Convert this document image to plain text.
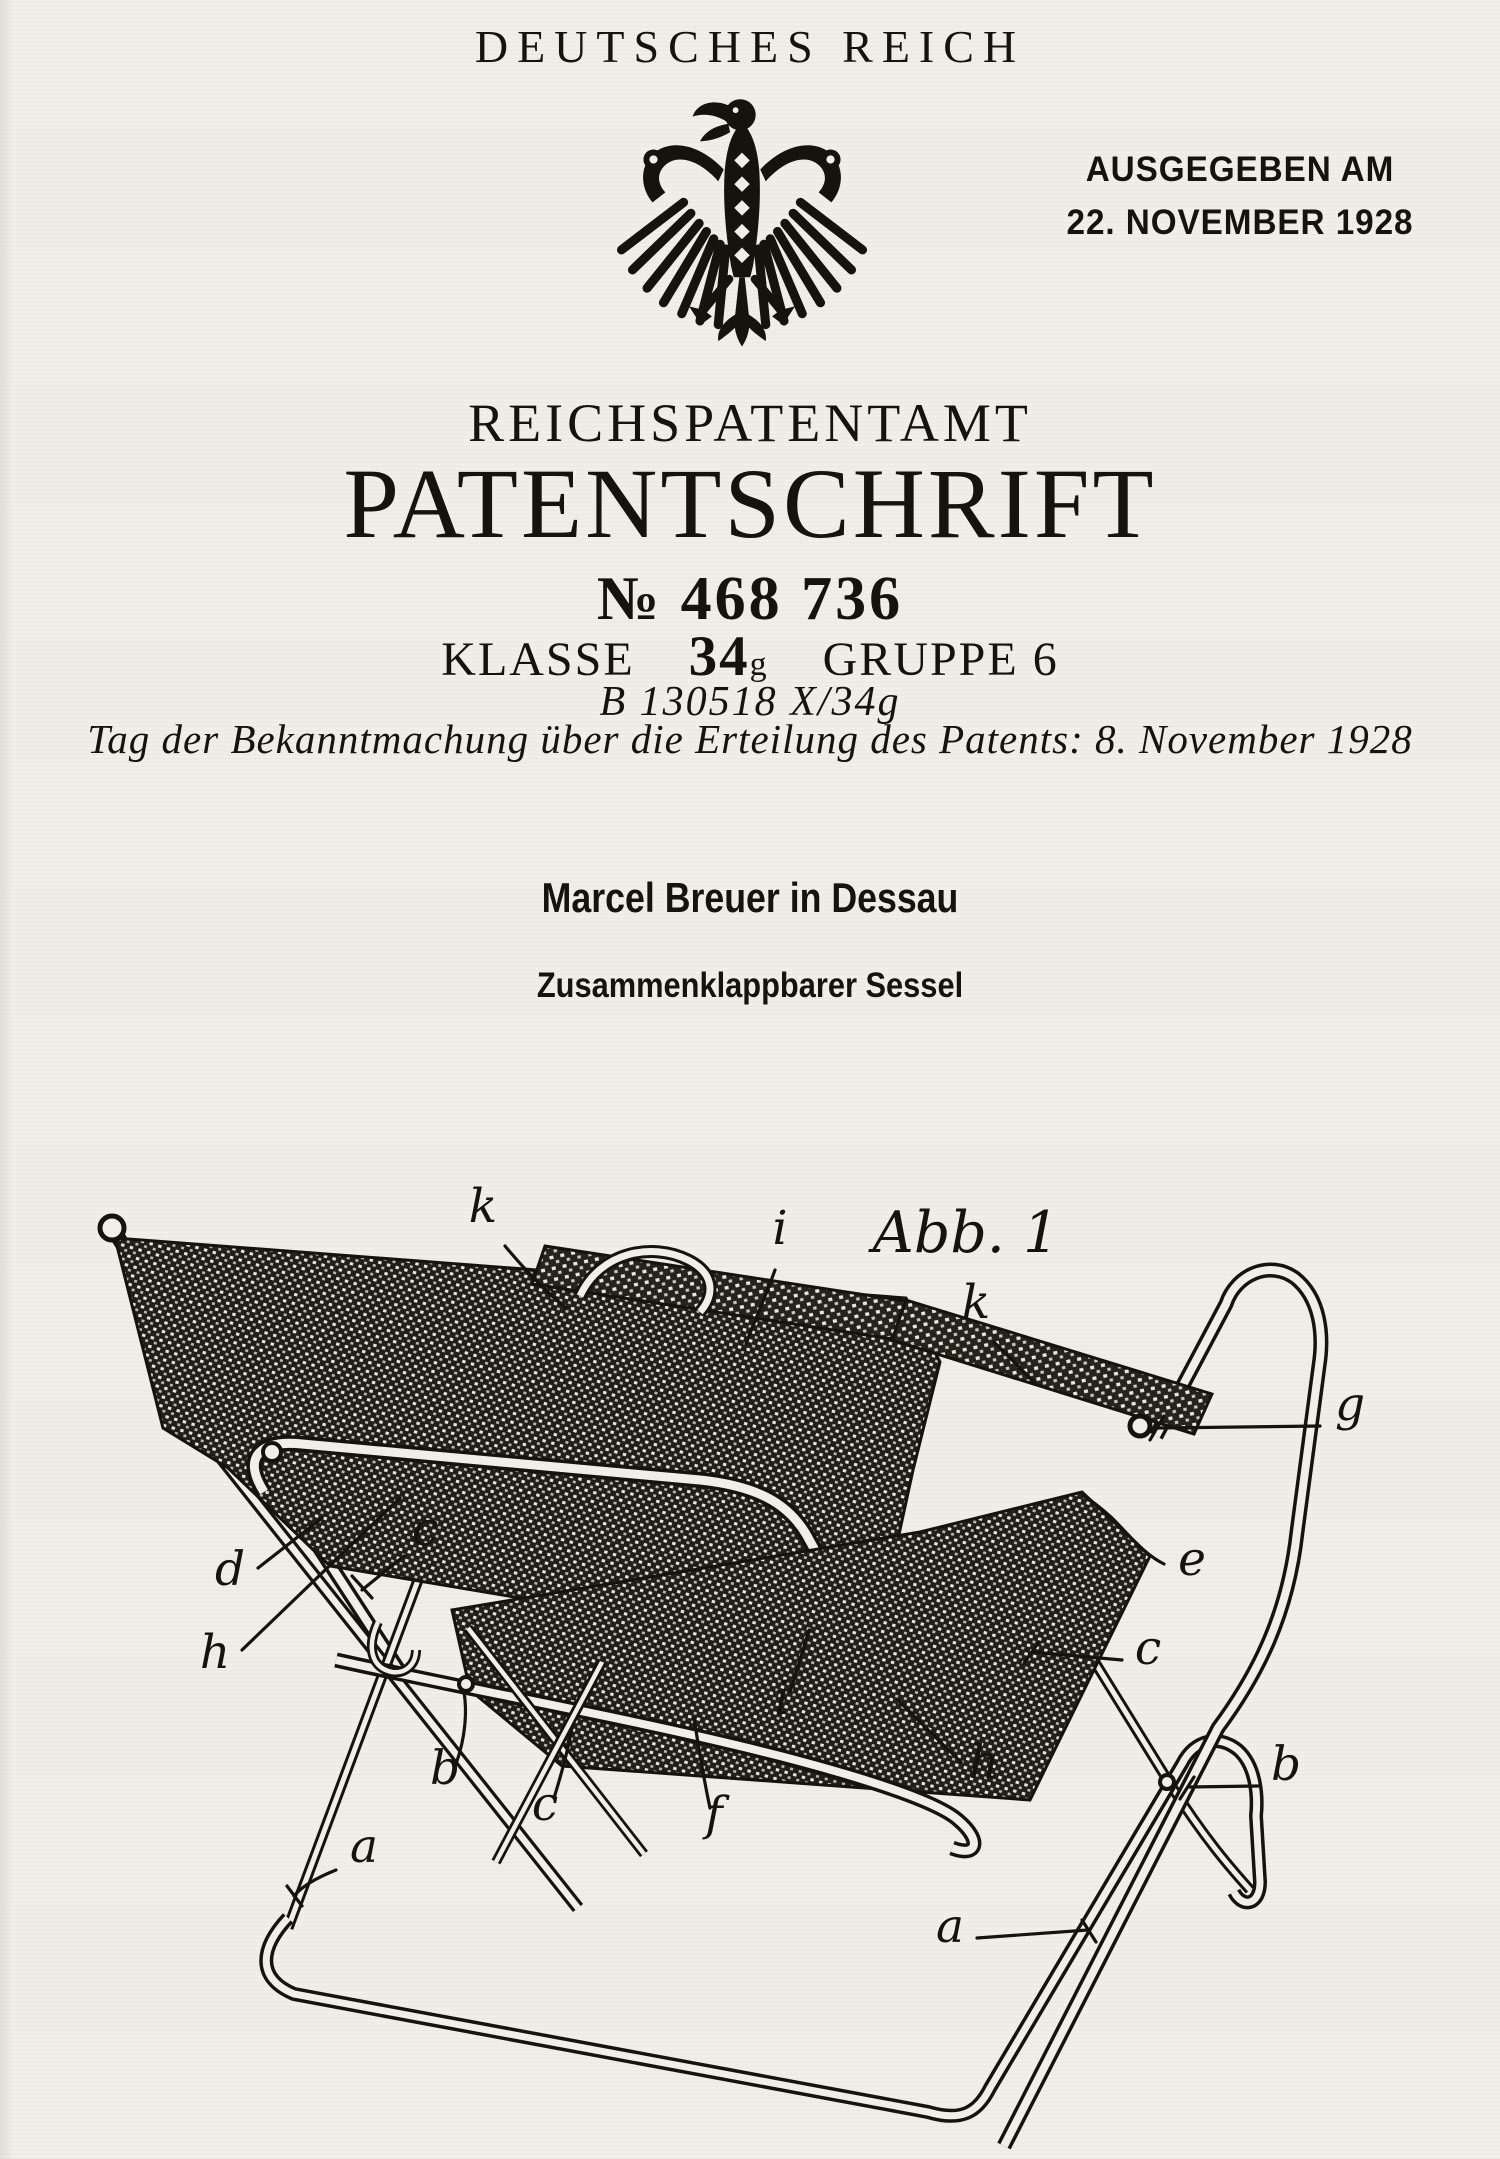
DEUTSCHES REICH
AUSGEGEBEN AM
22. NOVEMBER 1928
REICHSPATENTAMT
PATENTSCHRIFT
№ 468 736
KLASSE 34g GRUPPE 6
B 130518 X/34g
Tag der Bekanntmachung über die Erteilung des Patents: 8. November 1928
Marcel Breuer in Dessau
Zusammenklappbarer Sessel
Abb. 1
k	i
k
g
e
c
d
c
h
b
c	f
i
h	b
a
a
